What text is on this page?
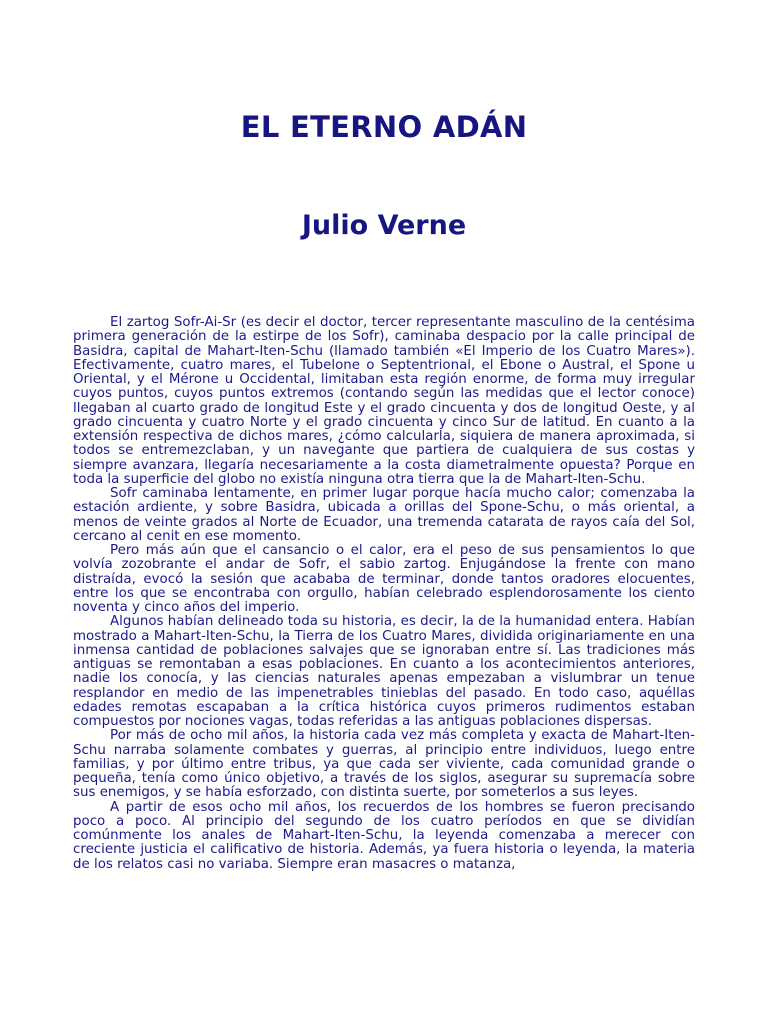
EL ETERNO ADÁN
Julio Verne

El zartog Sofr-Ai-Sr (es decir el doctor, tercer representante masculino de la centésima primera generación de la estirpe de los Sofr), caminaba despacio por la calle principal de Basidra, capital de Mahart-Iten-Schu (llamado también «El Imperio de los Cuatro Mares»). Efectivamente, cuatro mares, el Tubelone o Septentrional, el Ebone o Austral, el Spone u Oriental, y el Mérone u Occidental, limitaban esta región enorme, de forma muy irregular cuyos puntos, cuyos puntos extremos (contando según las medidas que el lector conoce) llegaban al cuarto grado de longitud Este y el grado cincuenta y dos de longitud Oeste, y al grado cincuenta y cuatro Norte y el grado cincuenta y cinco Sur de latitud. En cuanto a la extensión respectiva de dichos mares, ¿cómo calcularla, siquiera de manera aproximada, si todos se entremezclaban, y un navegante que partiera de cualquiera de sus costas y siempre avanzara, llegaría necesariamente a la costa diametralmente opuesta? Porque en toda la superficie del globo no existía ninguna otra tierra que la de Mahart-Iten-Schu.

Sofr caminaba lentamente, en primer lugar porque hacía mucho calor; comenzaba la estación ardiente, y sobre Basidra, ubicada a orillas del Spone-Schu, o más oriental, a menos de veinte grados al Norte de Ecuador, una tremenda catarata de rayos caía del Sol, cercano al cenit en ese momento.

Pero más aún que el cansancio o el calor, era el peso de sus pensamientos lo que volvía zozobrante el andar de Sofr, el sabio zartog. Enjugándose la frente con mano distraída, evocó la sesión que acababa de terminar, donde tantos oradores elocuentes, entre los que se encontraba con orgullo, habían celebrado esplendorosamente los ciento noventa y cinco años del imperio.

Algunos habían delineado toda su historia, es decir, la de la humanidad entera. Habían mostrado a Mahart-Iten-Schu, la Tierra de los Cuatro Mares, dividida originariamente en una inmensa cantidad de poblaciones salvajes que se ignoraban entre sí. Las tradiciones más antiguas se remontaban a esas poblaciones. En cuanto a los acontecimientos anteriores, nadie los conocía, y las ciencias naturales apenas empezaban a vislumbrar un tenue resplandor en medio de las impenetrables tinieblas del pasado. En todo caso, aquéllas edades remotas escapaban a la crítica histórica cuyos primeros rudimentos estaban compuestos por nociones vagas, todas referidas a las antiguas poblaciones dispersas.

Por más de ocho mil años, la historia cada vez más completa y exacta de Mahart-Iten-Schu narraba solamente combates y guerras, al principio entre individuos, luego entre familias, y por último entre tribus, ya que cada ser viviente, cada comunidad grande o pequeña, tenía como único objetivo, a través de los siglos, asegurar su supremacía sobre sus enemigos, y se había esforzado, con distinta suerte, por someterlos a sus leyes.

A partir de esos ocho mil años, los recuerdos de los hombres se fueron precisando poco a poco. Al principio del segundo de los cuatro períodos en que se dividían comúnmente los anales de Mahart-Iten-Schu, la leyenda comenzaba a merecer con creciente justicia el calificativo de historia. Además, ya fuera historia o leyenda, la materia de los relatos casi no variaba. Siempre eran masacres o matanza,
